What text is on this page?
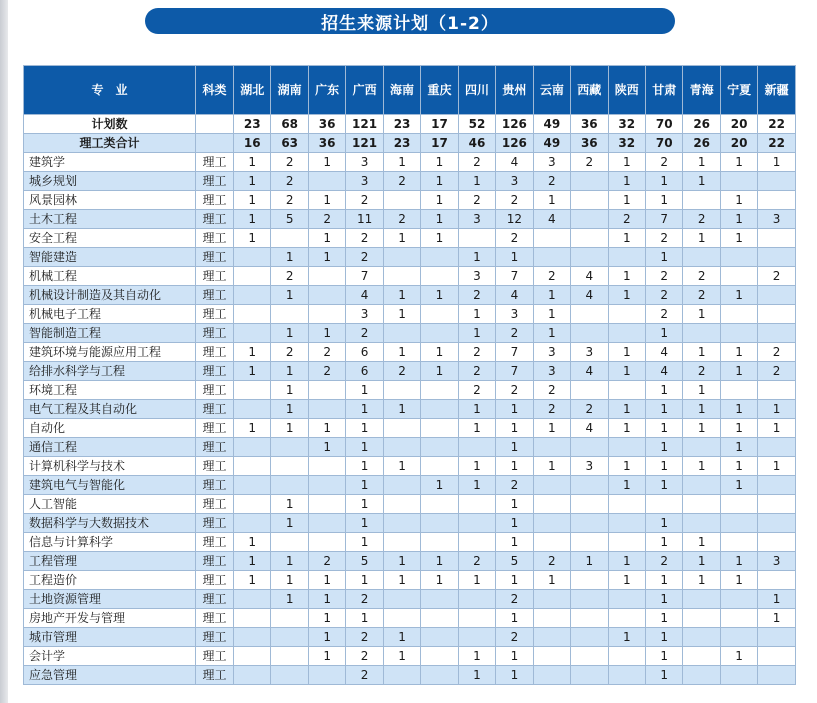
招生来源计划（1-2）
专　业	科类	湖北	湖南	广东	广西	海南	重庆	四川	贵州	云南	西藏	陕西	甘肃	青海	宁夏	新疆
计划数		23	68	36	121	23	17	52	126	49	36	32	70	26	20	22
理工类合计		16	63	36	121	23	17	46	126	49	36	32	70	26	20	22
建筑学	理工	1	2	1	3	1	1	2	4	3	2	1	2	1	1	1
城乡规划	理工	1	2		3	2	1	1	3	2		1	1	1		
风景园林	理工	1	2	1	2		1	2	2	1		1	1		1	
土木工程	理工	1	5	2	11	2	1	3	12	4		2	7	2	1	3
安全工程	理工	1		1	2	1	1		2			1	2	1	1	
智能建造	理工		1	1	2			1	1				1			
机械工程	理工		2		7			3	7	2	4	1	2	2		2
机械设计制造及其自动化	理工		1		4	1	1	2	4	1	4	1	2	2	1	
机械电子工程	理工				3	1		1	3	1			2	1		
智能制造工程	理工		1	1	2			1	2	1			1			
建筑环境与能源应用工程	理工	1	2	2	6	1	1	2	7	3	3	1	4	1	1	2
给排水科学与工程	理工	1	1	2	6	2	1	2	7	3	4	1	4	2	1	2
环境工程	理工		1		1			2	2	2			1	1		
电气工程及其自动化	理工		1		1	1		1	1	2	2	1	1	1	1	1
自动化	理工	1	1	1	1			1	1	1	4	1	1	1	1	1
通信工程	理工			1	1				1				1		1	
计算机科学与技术	理工				1	1		1	1	1	3	1	1	1	1	1
建筑电气与智能化	理工				1		1	1	2			1	1		1	
人工智能	理工		1		1				1							
数据科学与大数据技术	理工		1		1				1				1			
信息与计算科学	理工	1			1				1				1	1		
工程管理	理工	1	1	2	5	1	1	2	5	2	1	1	2	1	1	3
工程造价	理工	1	1	1	1	1	1	1	1	1		1	1	1	1	
土地资源管理	理工		1	1	2				2				1			1
房地产开发与管理	理工			1	1				1				1			1
城市管理	理工			1	2	1			2			1	1			
会计学	理工			1	2	1		1	1				1		1	
应急管理	理工				2			1	1				1			
